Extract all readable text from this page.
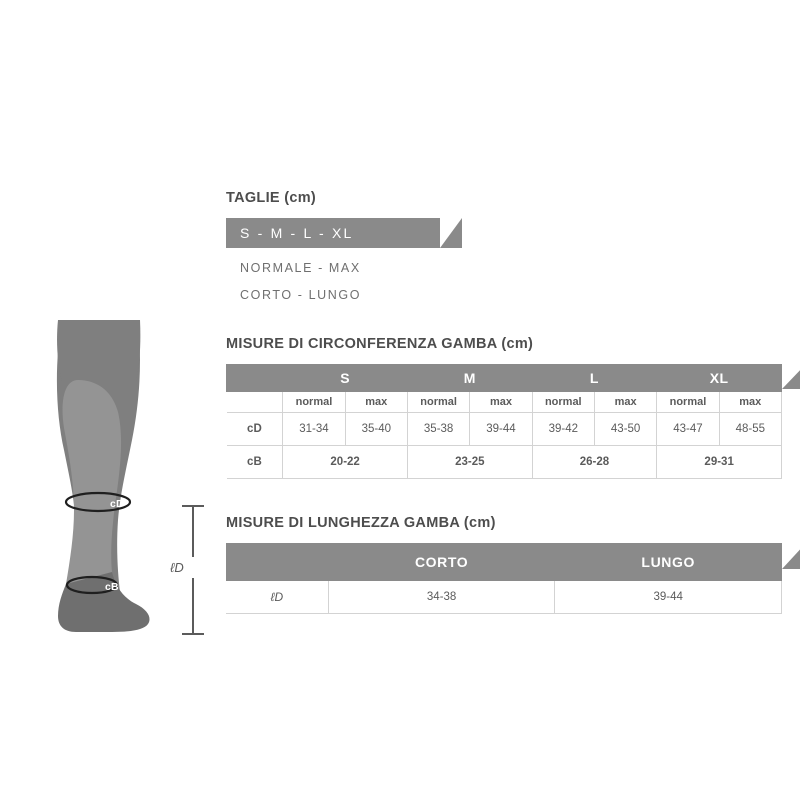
cD
cB
ℓD
TAGLIE (cm)
S - M - L - XL
NORMALE - MAX
CORTO - LUNGO
MISURE DI CIRCONFERENZA GAMBA (cm)
	S		M		L		XL	
	normal	max	normal	max	normal	max	normal	max
cD	31-34	35-40	35-38	39-44	39-42	43-50	43-47	48-55
cB	20-22		23-25		26-28		29-31	
MISURE DI LUNGHEZZA GAMBA (cm)
	CORTO	LUNGO
ℓD	34-38	39-44
